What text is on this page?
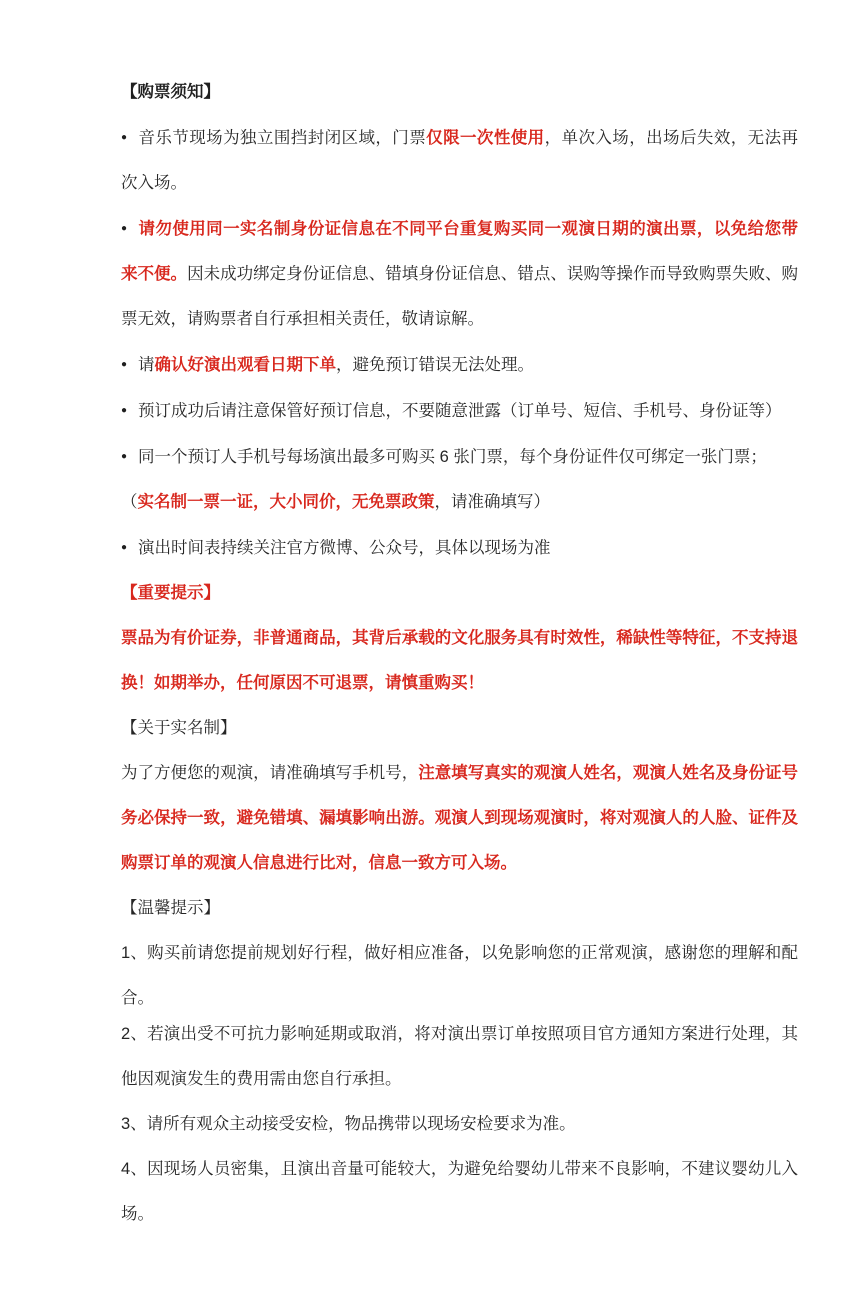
【购票须知】

● 音乐节现场为独立围挡封闭区域，门票仅限一次性使用，单次入场，出场后失效，无法再次入场。

● 请勿使用同一实名制身份证信息在不同平台重复购买同一观演日期的演出票，以免给您带来不便。因未成功绑定身份证信息、错填身份证信息、错点、误购等操作而导致购票失败、购票无效，请购票者自行承担相关责任，敬请谅解。

● 请确认好演出观看日期下单，避免预订错误无法处理。

● 预订成功后请注意保管好预订信息，不要随意泄露（订单号、短信、手机号、身份证等）

● 同一个预订人手机号每场演出最多可购买 6 张门票，每个身份证件仅可绑定一张门票；

（实名制一票一证，大小同价，无免票政策，请准确填写）

● 演出时间表持续关注官方微博、公众号，具体以现场为准

【重要提示】

票品为有价证券，非普通商品，其背后承载的文化服务具有时效性，稀缺性等特征，不支持退换！如期举办，任何原因不可退票，请慎重购买！

【关于实名制】

为了方便您的观演，请准确填写手机号，注意填写真实的观演人姓名，观演人姓名及身份证号务必保持一致，避免错填、漏填影响出游。观演人到现场观演时，将对观演人的人脸、证件及购票订单的观演人信息进行比对，信息一致方可入场。

【温馨提示】

1、购买前请您提前规划好行程，做好相应准备，以免影响您的正常观演，感谢您的理解和配合。

2、若演出受不可抗力影响延期或取消，将对演出票订单按照项目官方通知方案进行处理，其他因观演发生的费用需由您自行承担。

3、请所有观众主动接受安检，物品携带以现场安检要求为准。

4、因现场人员密集，且演出音量可能较大，为避免给婴幼儿带来不良影响，不建议婴幼儿入场。
